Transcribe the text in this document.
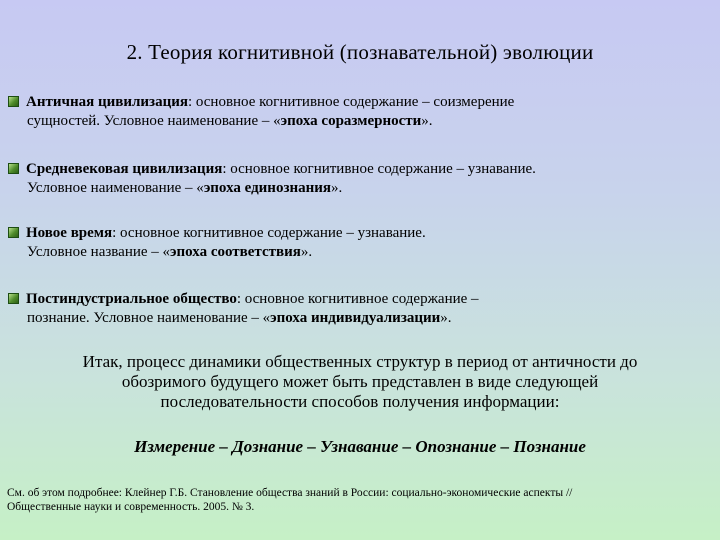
2. Теория когнитивной (познавательной) эволюции
Античная цивилизация: основное когнитивное содержание – соизмерение
сущностей. Условное наименование – «эпоха соразмерности».
Средневековая цивилизация: основное когнитивное содержание – узнавание.
Условное наименование – «эпоха единознания».
Новое время: основное когнитивное содержание – узнавание.
Условное название – «эпоха соответствия».
Постиндустриальное общество: основное когнитивное содержание –
познание. Условное наименование – «эпоха индивидуализации».
Итак, процесс динамики общественных структур в период от античности до
обозримого будущего может быть представлен в виде следующей
последовательности способов получения информации:
Измерение – Дознание – Узнавание – Опознание – Познание
См. об этом подробнее: Клейнер Г.Б. Становление общества знаний в России: социально-экономические аспекты //
Общественные науки и современность. 2005. № 3.
